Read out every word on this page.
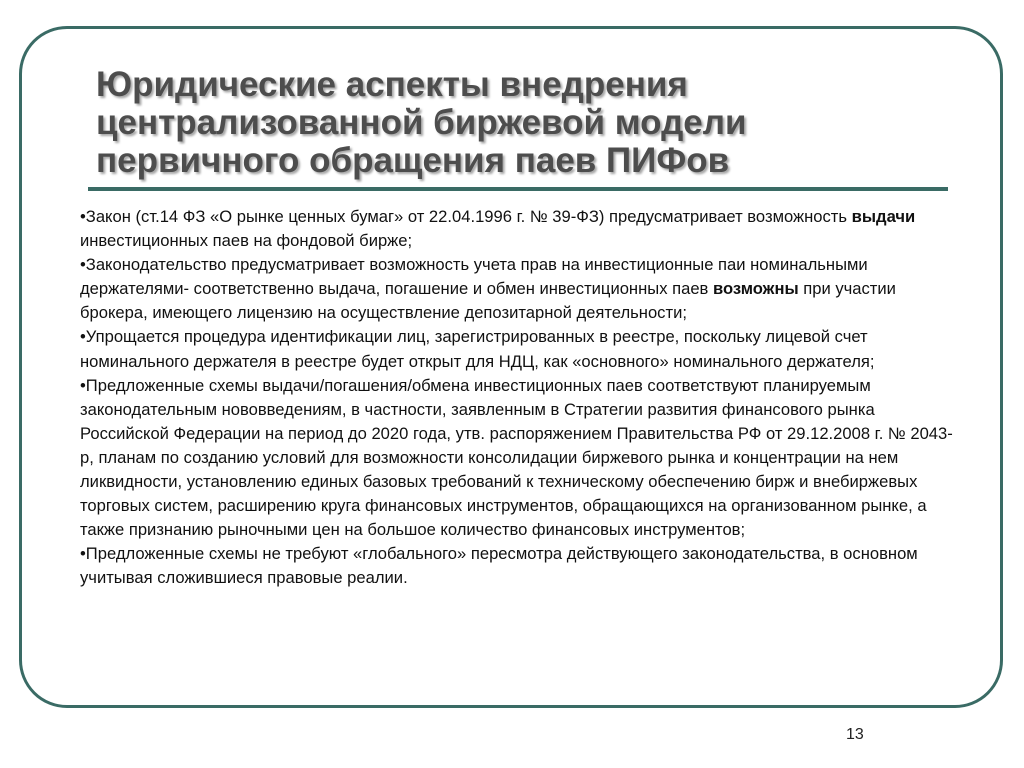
Юридические аспекты внедрения
централизованной биржевой модели
первичного обращения паев ПИФов

•Закон (ст.14 ФЗ «О рынке ценных бумаг» от 22.04.1996 г. № 39-ФЗ) предусматривает возможность выдачи инвестиционных паев на фондовой бирже;

•Законодательство предусматривает возможность учета прав на инвестиционные паи номинальными держателями- соответственно выдача, погашение и обмен инвестиционных паев возможны при участии брокера, имеющего лицензию на осуществление депозитарной деятельности;

•Упрощается процедура идентификации лиц, зарегистрированных в реестре, поскольку лицевой счет номинального держателя в реестре будет открыт для НДЦ, как «основного» номинального держателя;

•Предложенные схемы выдачи/погашения/обмена инвестиционных паев соответствуют планируемым законодательным нововведениям, в частности, заявленным в Стратегии развития финансового рынка Российской Федерации на период до 2020 года, утв. распоряжением Правительства РФ от 29.12.2008 г. № 2043-р, планам по созданию условий для возможности консолидации биржевого рынка и концентрации на нем ликвидности, установлению единых базовых требований к техническому обеспечению бирж и внебиржевых торговых систем, расширению круга финансовых инструментов, обращающихся на организованном рынке, а также признанию рыночными цен на большое количество финансовых инструментов;

•Предложенные схемы не требуют «глобального» пересмотра действующего законодательства, в основном учитывая сложившиеся правовые реалии.

13
